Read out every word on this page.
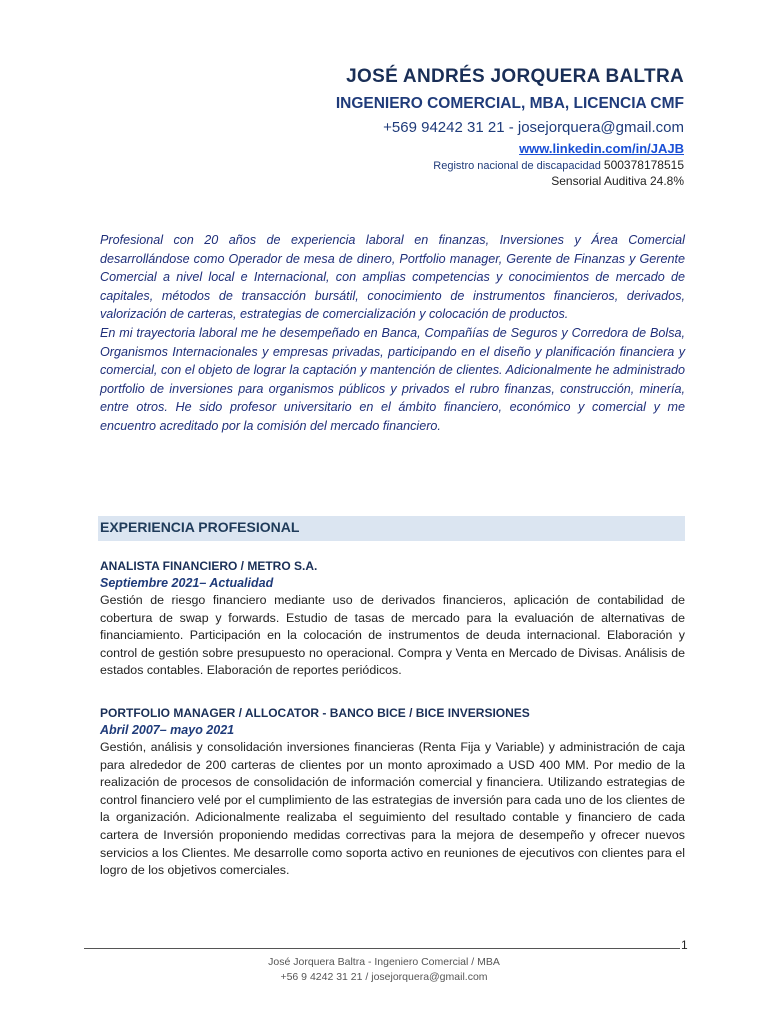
JOSÉ ANDRÉS JORQUERA BALTRA
INGENIERO COMERCIAL, MBA, LICENCIA CMF
+569 94242 31 21 - josejorquera@gmail.com
www.linkedin.com/in/JAJB
Registro nacional de discapacidad 500378178515
Sensorial Auditiva 24.8%

Profesional con 20 años de experiencia laboral en finanzas, Inversiones y Área Comercial desarrollándose como Operador de mesa de dinero, Portfolio manager, Gerente de Finanzas y Gerente Comercial a nivel local e Internacional, con amplias competencias y conocimientos de mercado de capitales, métodos de transacción bursátil, conocimiento de instrumentos financieros, derivados, valorización de carteras, estrategias de comercialización y colocación de productos.

En mi trayectoria laboral me he desempeñado en Banca, Compañías de Seguros y Corredora de Bolsa, Organismos Internacionales y empresas privadas, participando en el diseño y planificación financiera y comercial, con el objeto de lograr la captación y mantención de clientes. Adicionalmente he administrado portfolio de inversiones para organismos públicos y privados el rubro finanzas, construcción, minería, entre otros. He sido profesor universitario en el ámbito financiero, económico y comercial y me encuentro acreditado por la comisión del mercado financiero.

EXPERIENCIA PROFESIONAL
ANALISTA FINANCIERO / METRO S.A.
Septiembre 2021– Actualidad

Gestión de riesgo financiero mediante uso de derivados financieros, aplicación de contabilidad de cobertura de swap y forwards. Estudio de tasas de mercado para la evaluación de alternativas de financiamiento. Participación en la colocación de instrumentos de deuda internacional. Elaboración y control de gestión sobre presupuesto no operacional. Compra y Venta en Mercado de Divisas. Análisis de estados contables. Elaboración de reportes periódicos.

PORTFOLIO MANAGER / ALLOCATOR - BANCO BICE / BICE INVERSIONES
Abril 2007– mayo 2021

Gestión, análisis y consolidación inversiones financieras (Renta Fija y Variable) y administración de caja para alrededor de 200 carteras de clientes por un monto aproximado a USD 400 MM. Por medio de la realización de procesos de consolidación de información comercial y financiera. Utilizando estrategias de control financiero velé por el cumplimiento de las estrategias de inversión para cada uno de los clientes de la organización. Adicionalmente realizaba el seguimiento del resultado contable y financiero de cada cartera de Inversión proponiendo medidas correctivas para la mejora de desempeño y ofrecer nuevos servicios a los Clientes. Me desarrolle como soporta activo en reuniones de ejecutivos con clientes para el logro de los objetivos comerciales.

1
José Jorquera Baltra - Ingeniero Comercial / MBA
+56 9 4242 31 21 / josejorquera@gmail.com
